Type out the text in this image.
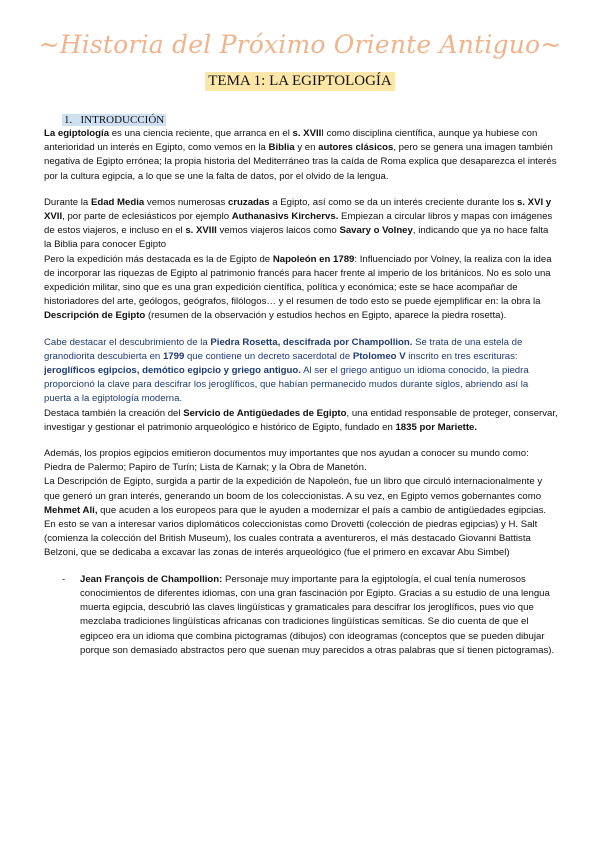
~Historia del Próximo Oriente Antiguo~
TEMA 1: LA EGIPTOLOGÍA
1. INTRODUCCIÓN

La egiptología es una ciencia reciente, que arranca en el s. XVIII como disciplina científica, aunque ya hubiese con anterioridad un interés en Egipto, como vemos en la Biblia y en autores clásicos, pero se genera una imagen también negativa de Egipto errónea; la propia historia del Mediterráneo tras la caída de Roma explica que desaparezca el interés por la cultura egipcia, a lo que se une la falta de datos, por el olvido de la lengua.

Durante la Edad Media vemos numerosas cruzadas a Egipto, así como se da un interés creciente durante los s. XVI y XVII, por parte de eclesiásticos por ejemplo Authanasivs Kirchervs. Empiezan a circular libros y mapas con imágenes de estos viajeros, e incluso en el s. XVIII vemos viajeros laicos como Savary o Volney, indicando que ya no hace falta la Biblia para conocer Egipto

Pero la expedición más destacada es la de Egipto de Napoleón en 1789: Influenciado por Volney, la realiza con la idea de incorporar las riquezas de Egipto al patrimonio francés para hacer frente al imperio de los británicos. No es solo una expedición militar, sino que es una gran expedición científica, política y económica; este se hace acompañar de historiadores del arte, geólogos, geógrafos, filólogos… y el resumen de todo esto se puede ejemplificar en: la obra la Descripción de Egipto (resumen de la observación y estudios hechos en Egipto, aparece la piedra rosetta).

Cabe destacar el descubrimiento de la Piedra Rosetta, descifrada por Champollion. Se trata de una estela de granodiorita descubierta en 1799 que contiene un decreto sacerdotal de Ptolomeo V inscrito en tres escrituras: jeroglíficos egipcios, demótico egipcio y griego antiguo. Al ser el griego antiguo un idioma conocido, la piedra proporcionó la clave para descifrar los jeroglíficos, que habían permanecido mudos durante siglos, abriendo así la puerta a la egiptología moderna.

Destaca también la creación del Servicio de Antigüedades de Egipto, una entidad responsable de proteger, conservar, investigar y gestionar el patrimonio arqueológico e histórico de Egipto, fundado en 1835 por Mariette.

Además, los propios egipcios emitieron documentos muy importantes que nos ayudan a conocer su mundo como: Piedra de Palermo; Papiro de Turín; Lista de Karnak; y la Obra de Manetón.

La Descripción de Egipto, surgida a partir de la expedición de Napoleón, fue un libro que circuló internacionalmente y que generó un gran interés, generando un boom de los coleccionistas. A su vez, en Egipto vemos gobernantes como Mehmet Ali, que acuden a los europeos para que le ayuden a modernizar el país a cambio de antigüedades egipcias. En esto se van a interesar varios diplomáticos coleccionistas como Drovetti (colección de piedras egipcias) y H. Salt (comienza la colección del British Museum), los cuales contrata a aventureros, el más destacado Giovanni Battista Belzoni, que se dedicaba a excavar las zonas de interés arqueológico (fue el primero en excavar Abu Simbel)

- Jean François de Champollion: Personaje muy importante para la egiptología, el cual tenía numerosos conocimientos de diferentes idiomas, con una gran fascinación por Egipto. Gracias a su estudio de una lengua muerta egipcia, descubrió las claves lingüísticas y gramaticales para descifrar los jeroglíficos, pues vio que mezclaba tradiciones lingüísticas africanas con tradiciones lingüísticas semíticas. Se dio cuenta de que el egipceo era un idioma que combina pictogramas (dibujos) con ideogramas (conceptos que se pueden dibujar porque son demasiado abstractos pero que suenan muy parecidos a otras palabras que sí tienen pictogramas).
